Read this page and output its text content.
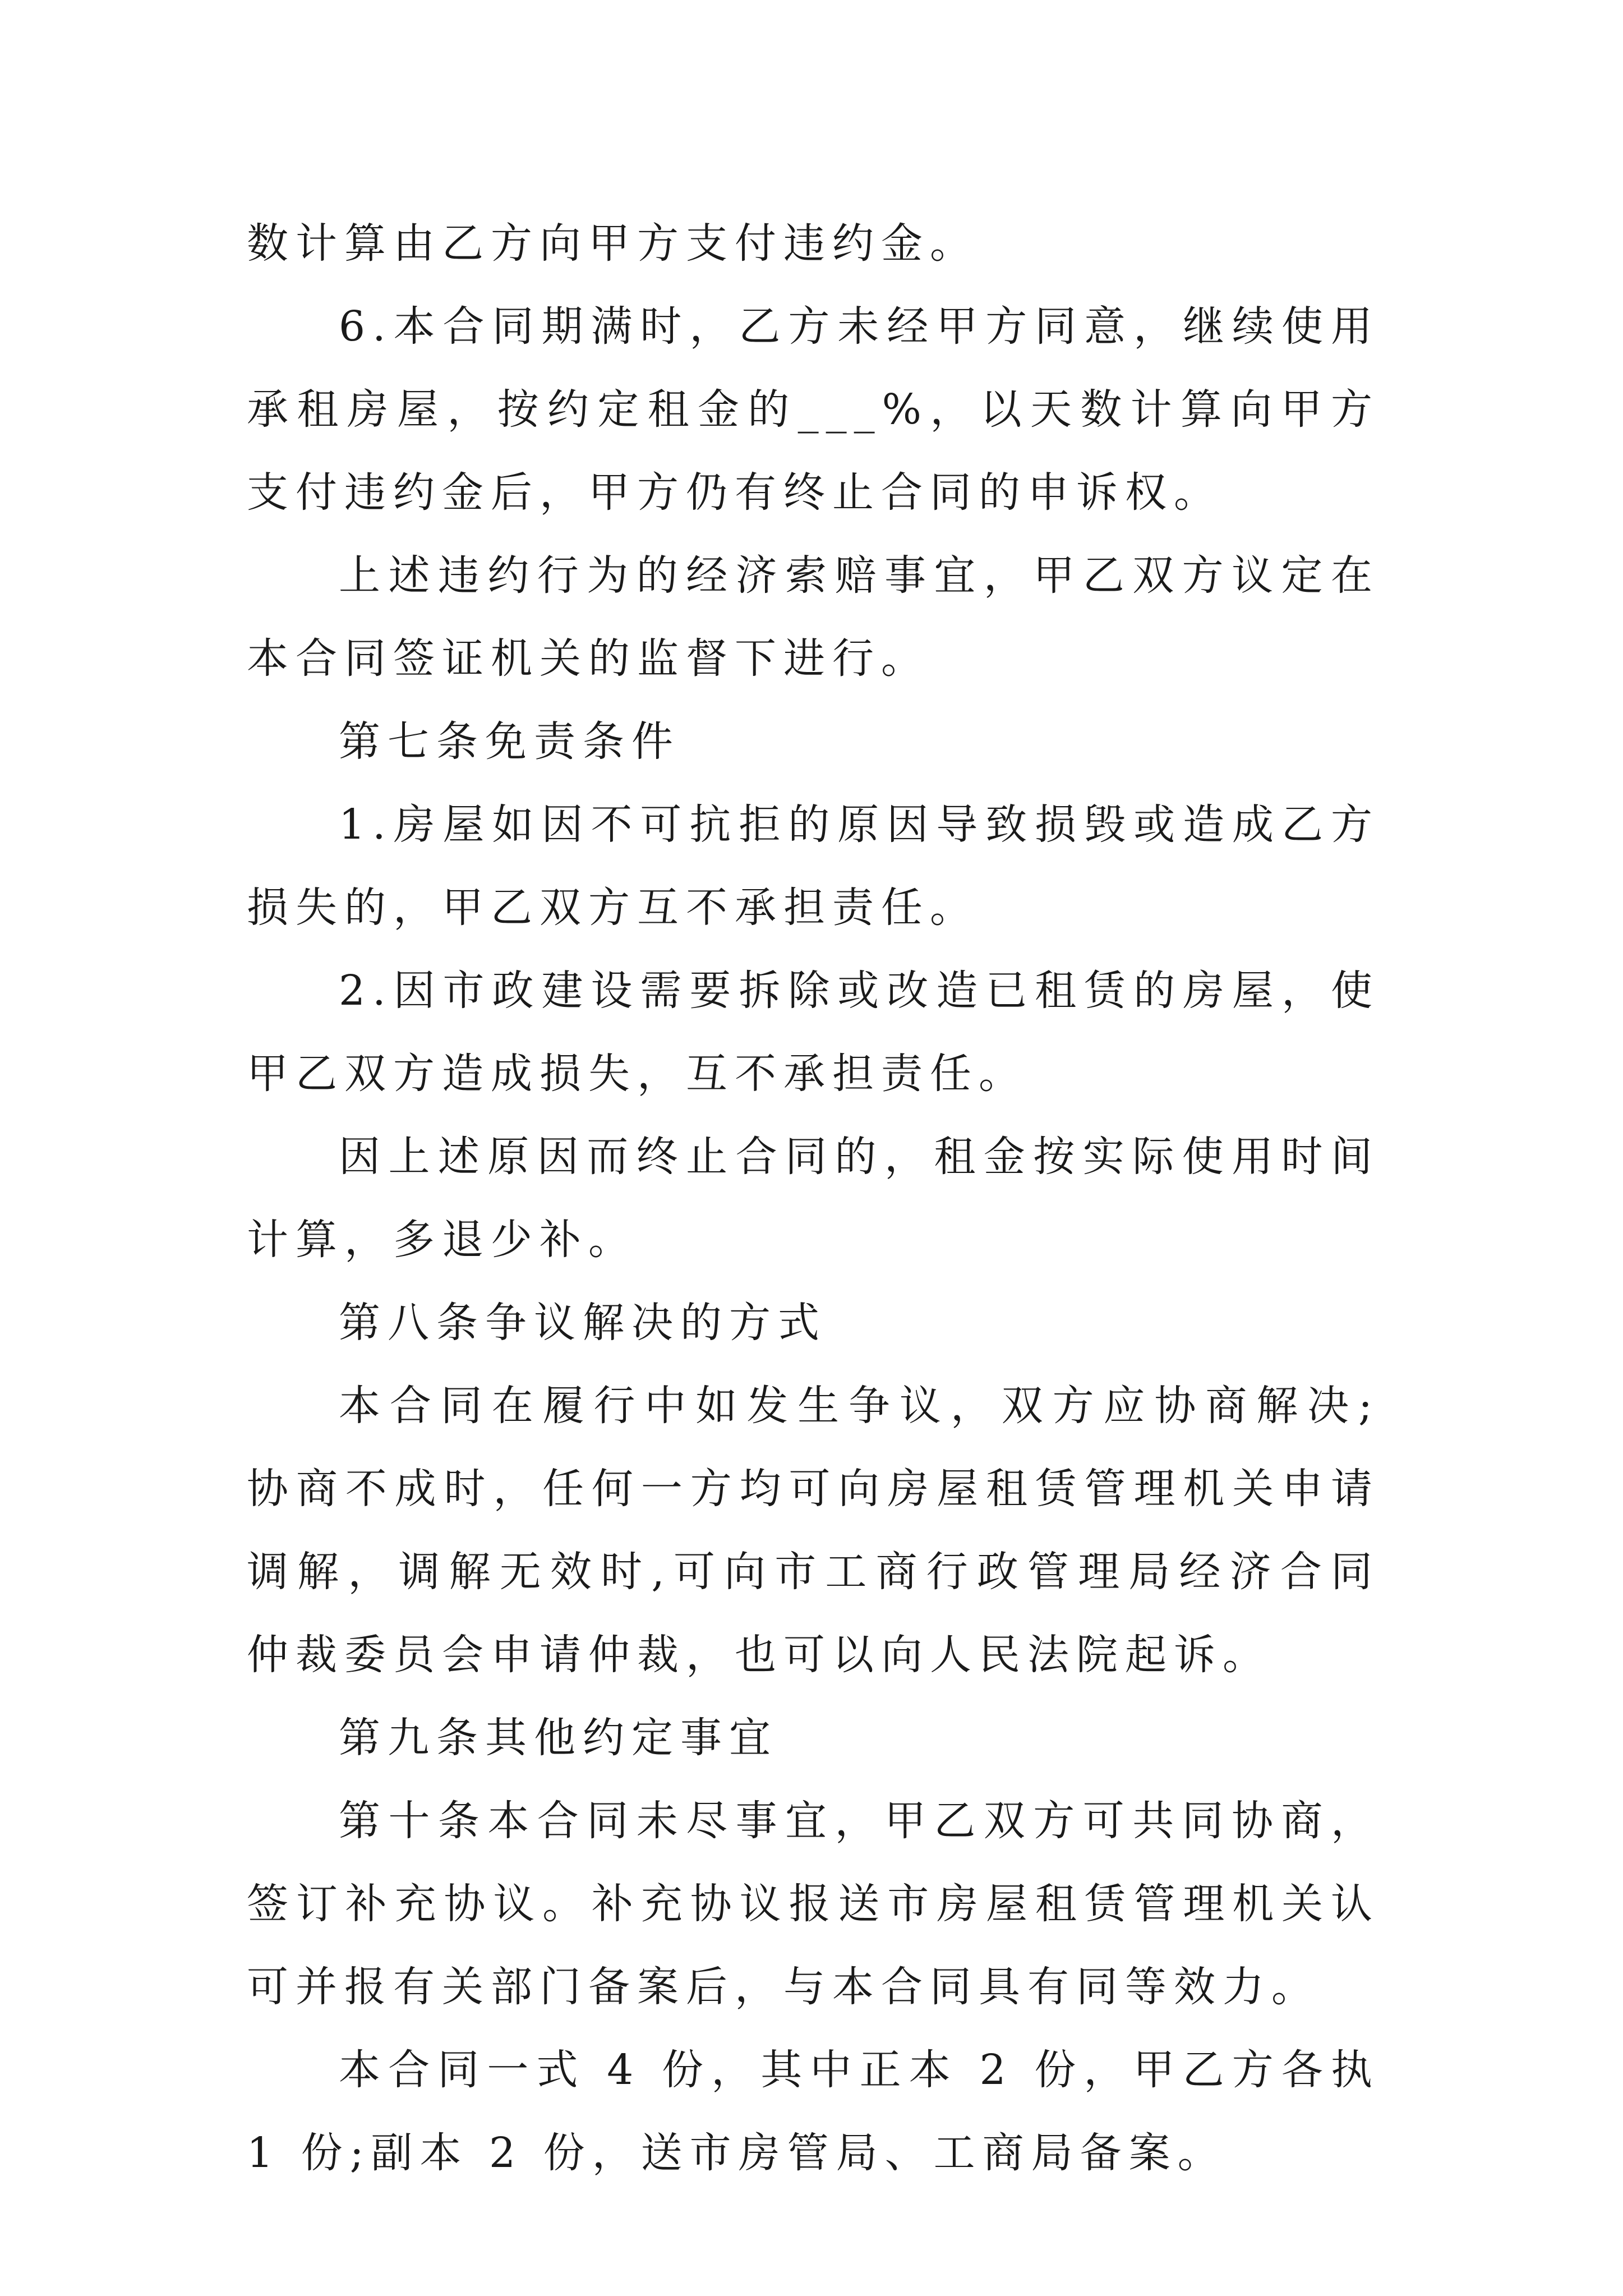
数计算由乙方向甲方支付违约金。

6.本合同期满时，乙方未经甲方同意，继续使用承租房屋，按约定租金的___%，以天数计算向甲方支付违约金后，甲方仍有终止合同的申诉权。

上述违约行为的经济索赔事宜，甲乙双方议定在本合同签证机关的监督下进行。

第七条免责条件

1.房屋如因不可抗拒的原因导致损毁或造成乙方损失的，甲乙双方互不承担责任。

2.因市政建设需要拆除或改造已租赁的房屋，使甲乙双方造成损失，互不承担责任。

因上述原因而终止合同的，租金按实际使用时间计算，多退少补。

第八条争议解决的方式

本合同在履行中如发生争议，双方应协商解决;协商不成时，任何一方均可向房屋租赁管理机关申请调解，调解无效时,可向市工商行政管理局经济合同仲裁委员会申请仲裁，也可以向人民法院起诉。

第九条其他约定事宜

第十条本合同未尽事宜，甲乙双方可共同协商，签订补充协议。补充协议报送市房屋租赁管理机关认可并报有关部门备案后，与本合同具有同等效力。

本合同一式 4 份，其中正本 2 份，甲乙方各执 1 份;副本 2 份，送市房管局、工商局备案。
